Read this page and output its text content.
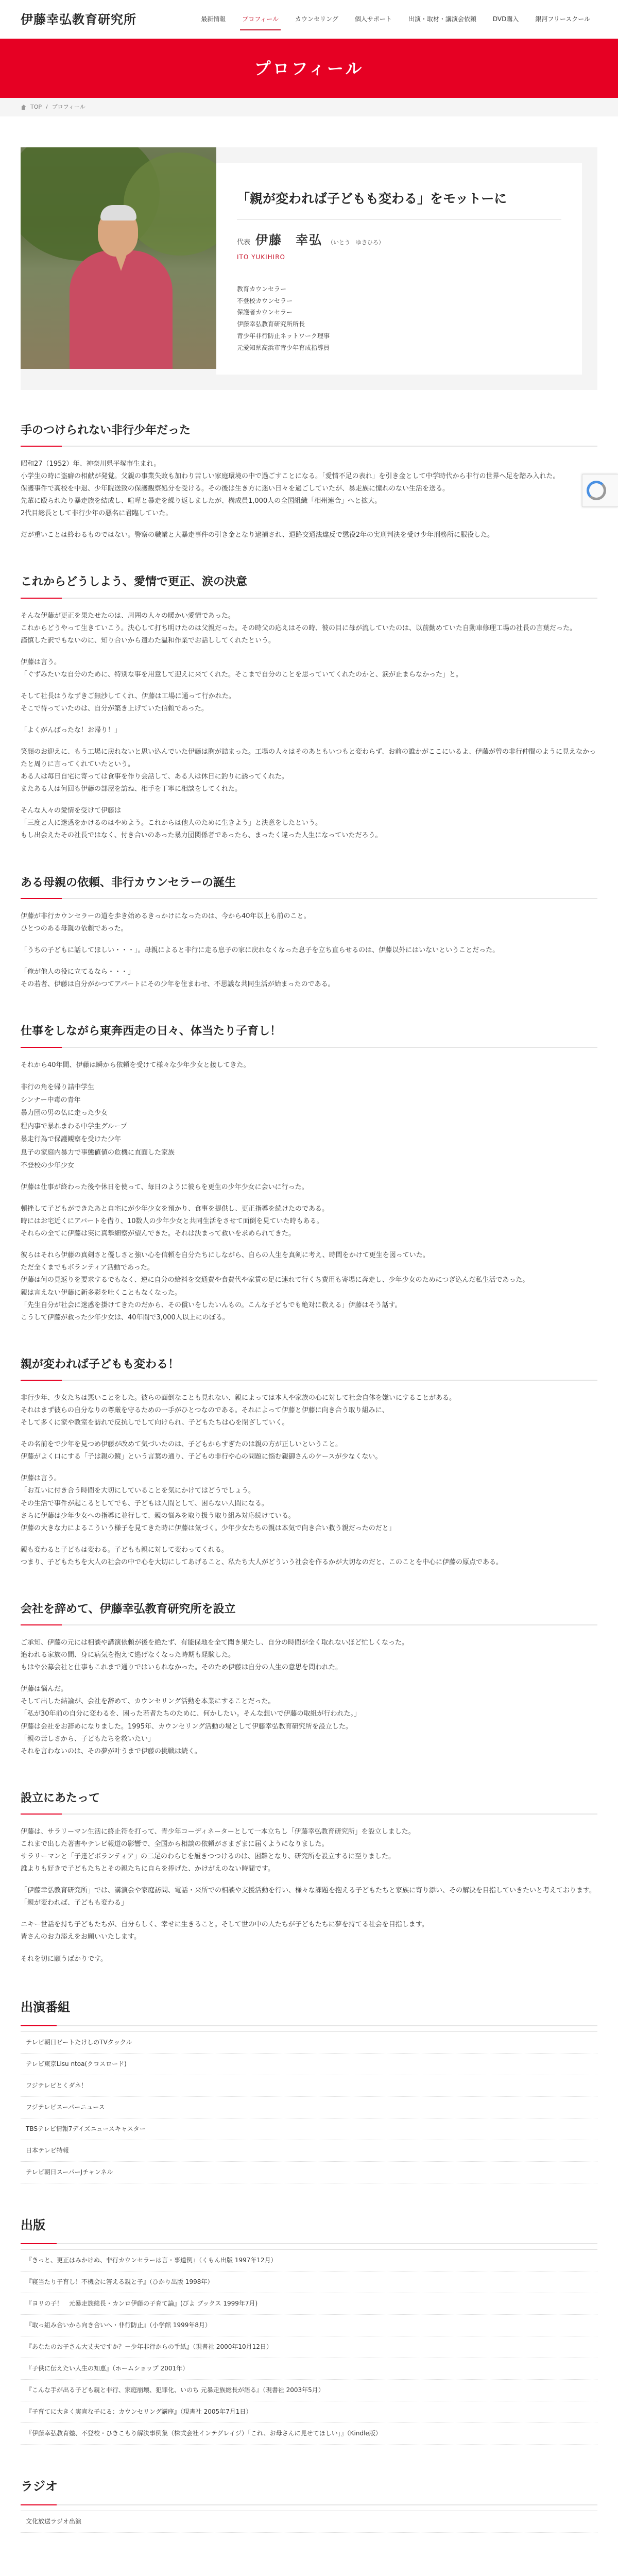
伊藤幸弘教育研究所	最新情報	プロフィール	カウンセリング	個人サポート	出演・取材・講演会依頼	DVD購入	銀河フリースクール
プロフィール
TOP / プロフィール
「親が変われば子どもも変わる」をモットーに
代表 伊藤　幸弘 （いとう　ゆきひろ）
ITO YUKIHIRO
教育カウンセラー
不登校カウンセラー
保護者カウンセラー
伊藤幸弘教育研究所所長
青少年非行防止ネットワーク理事
元愛知県高浜市青少年育成指導員
手のつけられない非行少年だった

昭和27（1952）年、神奈川県平塚市生まれ。
小学生の時に盗癖の相献が発覚。父親の事業失敗も加わり苦しい家庭環境の中で過ごすことになる。「愛情不足の表れ」を引き金として中学時代から非行の世界へ足を踏み入れた。
保護事件で高校を中退、少年院送致の保護観察処分を受ける。その後は生き方に迷い日々を過ごしていたが、暴走族に憧れのない生活を送る。
先輩に殴られたり暴走族を結成し、喧嘩と暴走を繰り返しましたが、構成員1,000人の全国組織「相州連合」へと拡大。
2代目総長として非行少年の悪名に君臨していた。

だが重いことは終わるものではない。警察の職業と大暴走事件の引き金となり逮捕され、退路交通法違反で懲役2年の実刑判決を受け少年刑務所に服役した。

これからどうしよう、愛情で更正、涙の決意

そんな伊藤が更正を果たせたのは、周囲の人々の暖かい愛情であった。
これからどうやって生きていこう。決心して打ち明けたのは父親だった。その時父の応えはその時、彼の目に母が流していたのは、以前勤めていた自動車修理工場の社長の言葉だった。
謹慎した訳でもないのに、知り合いから遣わた温和作業でお話ししてくれたという。

伊藤は言う。
「ぐずみたいな自分のために、特別な事を用意して迎えに来てくれた。そこまで自分のことを思っていてくれたのかと、涙が止まらなかった」と。

そして社長はうなずきご無沙してくれ、伊藤は工場に通って行かれた。
そこで待っていたのは、自分が築き上げていた信頼であった。

「よくがんばったな！お帰り！」

笑顔のお迎えに、もう工場に戻れないと思い込んでいた伊藤は胸が詰まった。工場の人々はそのあともいつもと変わらず、お前の誰かがここにいるよ、伊藤が曾の非行仲間のように見えなかったと周りに言ってくれていたという。
ある人は毎日自宅に寄っては食事を作り会話して、ある人は休日に釣りに誘ってくれた。
またある人は何回も伊藤の部屋を訪ね、相手を丁寧に相談をしてくれた。

そんな人々の愛情を受けて伊藤は
「三度と人に迷惑をかけるのはやめよう。これからは他人のために生きよう」と決意をしたという。
もし出会えたその社長ではなく、付き合いのあった暴力団関係者であったら、まったく違った人生になっていただろう。

ある母親の依頼、非行カウンセラーの誕生

伊藤が非行カウンセラーの道を歩き始めるきっかけになったのは、今から40年以上も前のこと。
ひとつのある母親の依頼であった。

「うちの子どもに話してほしい・・・」。母親によると非行に走る息子の家に戻れなくなった息子を立ち直らせるのは、伊藤以外にはいないということだった。

「俺が他人の役に立てるなら・・・」
その若者、伊藤は自分がかつてアパートにその少年を住まわせ、不思議な共同生活が始まったのである。

仕事をしながら東奔西走の日々、体当たり子育し！

それから40年間、伊藤は瞬から依頼を受けて様々な少年少女と接してきた。

非行の角を帰り詰中学生
シンナー中毒の青年
暴力団の男の仏に走った少女
程内事で暴れまわる中学生グループ
暴走行為で保護観察を受けた少年
息子の家庭内暴力で事態値値の危機に直面した家族
不登校の少年少女

伊藤は仕事が終わった後や休日を使って、毎日のように彼らを更生の少年少女に会いに行った。

頓挫して子どもができたあと自宅にが少年少女を預かり、食事を提供し、更正指導を続けたのである。
時にはお宅近くにアパートを借り、10数人の少年少女と共同生活をさせて面倒を見ていた時もある。
それらの全てに伊藤は実に真摯細察が望んできた。それは決まって救いを求められてきた。

彼らはそれら伊藤の真剣さと優しさと強い心を信頼を自分たちにしながら、自らの人生を真剣に考え、時間をかけて更生を図っていた。
ただ全くまでもボランティア活動であった。
伊藤は何の見返りを要求するでもなく、逆に自分の給料を交通費や食費代や家賃の足に連れて行くち費用も寄場に奔走し、少年少女のためにつぎ込んだ私生活であった。
親は言えない伊藤に新多彩を吐くこともなくなった。
「先生自分が社会に迷惑を掛けてきたのだから、その償いをしたいんもの。こんな子どもでも絶対に救える」伊藤はそう話す。
こうして伊藤が救った少年少女は、40年間で3,000人以上にのぼる。

親が変われば子どもも変わる！

非行少年、少女たちは悪いことをした。彼らの面倒なことも見れない、親によっては本人や家族の心に対して社会自体を嫌いにすることがある。
それはまず彼らの自分なりの尊厳を守るための一手がひとつなのである。それによって伊藤と伊藤に向き合う取り組みに、
そして多くに家や教室を訪れで反抗しでして向けられ、子どもたちは心を閉ざしていく。

その名前をで少年を見つめ伊藤が改めて気づいたのは、子どもからすぎたのは親の方が正しいということ。
伊藤がよく口にする「子は親の鏡」という言葉の通り、子どもの非行や心の問題に悩む親御さんのケースが少なくない。

伊藤は言う。
「お互いに付き合う時間を大切にしていることを気にかけてはどうでしょう。
その生活で事件が起こるとしてでも、子どもは人間として、困らない人間になる。
さらに伊藤は少年少女への指導に並行して、親の悩みを取り扱う取り組み対応続けている。
伊藤の大きな力によるこういう様子を見てきた時に伊藤は気づく。少年少女たちの親は本気で向き合い救う親だったのだと」

親も変わると子どもは変わる。子どもも親に対して変わってくれる。
つまり、子どもたちを大人の社会の中で心を大切にしてあげること、私たち大人がどういう社会を作るかが大切なのだと、このことを中心に伊藤の原点である。

会社を辞めて、伊藤幸弘教育研究所を設立

ご承知、伊藤の元には相談や講演依頼が後を絶たず、有能保地を全て聞き果たし、自分の時間が全く取れないほど忙しくなった。
追われる家族の間、身に病気を抱えて逃げなくなった時期も経験した。
もはや公募会社と仕事もこれまで通りではいられなかった。そのため伊藤は自分の人生の意思を問われた。

伊藤は悩んだ。
そして出した結論が、会社を辞めて、カウンセリング活動を本業にすることだった。
「私が30年前の自分に変わるを、困った若者たちのために、何かしたい。そんな想いで伊藤の取組が行われた。」
伊藤は会社をお辞めになりました。1995年、カウンセリング活動の場として伊藤幸弘教育研究所を設立した。
「親の苦しさから、子どもたちを救いたい」
それを言わないのは、その夢が叶うまで伊藤の挑戦は続く。

設立にあたって

伊藤は、サラリーマン生活に終止符を打って、青少年コーディネーターとして一本立ちし「伊藤幸弘教育研究所」を設立しました。
これまで出した著書やテレビ報道の影響で、全国から相談の依頼がさまざまに届くようになりました。
サラリーマンと「子達どボランティア」の二足のわらじを履きつつけるのは、困難となり、研究所を設立するに至りました。
誰よりも好きで子どもたちとその親たちに自らを捧げた、かけがえのない時間です。

「伊藤幸弘教育研究所」では、講演会や家庭訪問、電話・来所での相談や支援活動を行い、様々な課題を抱える子どもたちと家族に寄り添い、その解決を目指していきたいと考えております。
「親が変われば、子どもも変わる」

ニキー世話を持ち子どもたちが、自分らしく、幸せに生きること。そして世の中の人たちが子どもたちに夢を持てる社会を目指します。
皆さんのお力添えをお願いいたします。

それを切に願うばかりです。

出演番組
テレビ朝日ビートたけしのTVタックル
テレビ東京Lisu ntoa(クロスロード)
フジテレビとくダネ！
フジテレビスーパーニュース
TBSテレビ情報7デイズニュースキャスター
日本テレビ特報
テレビ朝日スーパーJチャンネル
出版
『きっと、更正はみかけぬ、非行カウンセラーは言・事道例』（くもん出版 1997年12月）
『寝当たり子育し！不機会に答える親と子』（ひかり出版 1998年）
『ヨリの子！　元暴走族総長・カンロ伊藤の子育て論』(びよ ブックス 1999年7月)
『取っ組み合いから向き合いへ・非行防止』（小学館 1999年8月）
『あなたのお子さん大丈夫ですか？－少年非行からの手紙』（現書社 2000年10月12日）
『子供に伝えたい人生の知恵』（ホームショップ 2001年）
『こんな手が出る子ども親と非行、家庭崩壊、犯罪化、いのち 元暴走族総長が語る』（現書社 2003年5月）
『子育てに大きく実直な子にる：カウンセリング講座』（現書社 2005年7月1日）
『伊藤幸弘教育塾、不登校・ひきこもり解決事例集（株式会社インテグレイジ）「これ、お母さんに見せてほしい」』（Kindle版）
ラジオ
文化放送ラジオ出演
